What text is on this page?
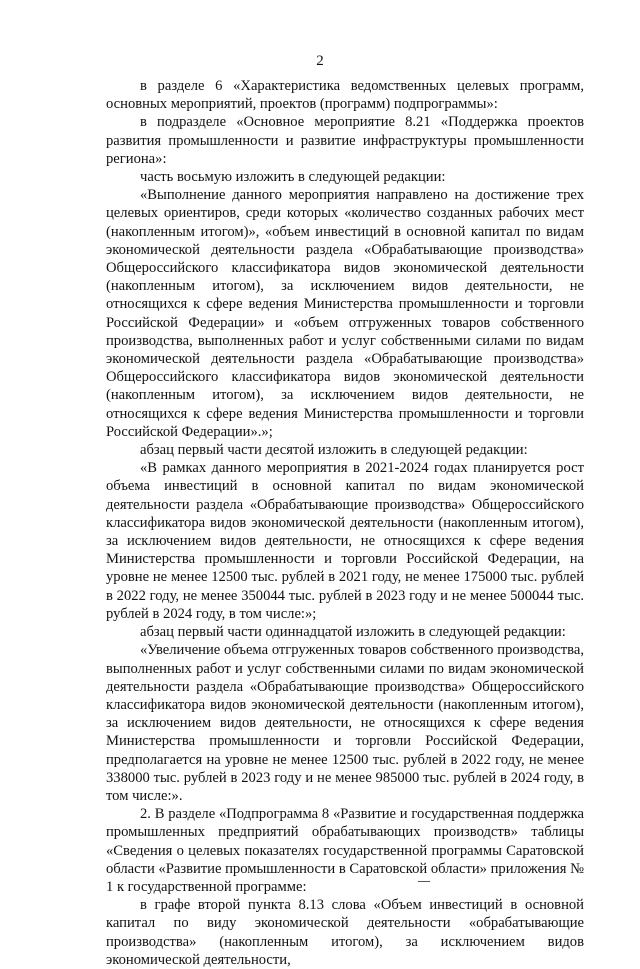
2

в разделе 6 «Характеристика ведомственных целевых программ, основных мероприятий, проектов (программ) подпрограммы»:

в подразделе «Основное мероприятие 8.21 «Поддержка проектов развития промышленности и развитие инфраструктуры промышленности региона»:

часть восьмую изложить в следующей редакции:

«Выполнение данного мероприятия направлено на достижение трех целевых ориентиров, среди которых «количество созданных рабочих мест (накопленным итогом)», «объем инвестиций в основной капитал по видам экономической деятельности раздела «Обрабатывающие производства» Общероссийского классификатора видов экономической деятельности (накопленным итогом), за исключением видов деятельности, не относящихся к сфере ведения Министерства промышленности и торговли Российской Федерации» и «объем отгруженных товаров собственного производства, выполненных работ и услуг собственными силами по видам экономической деятельности раздела «Обрабатывающие производства» Общероссийского классификатора видов экономической деятельности (накопленным итогом), за исключением видов деятельности, не относящихся к сфере ведения Министерства промышленности и торговли Российской Федерации».»;

абзац первый части десятой изложить в следующей редакции:

«В рамках данного мероприятия в 2021-2024 годах планируется рост объема инвестиций в основной капитал по видам экономической деятельности раздела «Обрабатывающие производства» Общероссийского классификатора видов экономической деятельности (накопленным итогом), за исключением видов деятельности, не относящихся к сфере ведения Министерства промышленности и торговли Российской Федерации, на уровне не менее 12500 тыс. рублей в 2021 году, не менее 175000 тыс. рублей в 2022 году, не менее 350044 тыс. рублей в 2023 году и не менее 500044 тыс. рублей в 2024 году, в том числе:»;

абзац первый части одиннадцатой изложить в следующей редакции:

«Увеличение объема отгруженных товаров собственного производства, выполненных работ и услуг собственными силами по видам экономической деятельности раздела «Обрабатывающие производства» Общероссийского классификатора видов экономической деятельности (накопленным итогом), за исключением видов деятельности, не относящихся к сфере ведения Министерства промышленности и торговли Российской Федерации, предполагается на уровне не менее 12500 тыс. рублей в 2022 году, не менее 338000 тыс. рублей в 2023 году и не менее 985000 тыс. рублей в 2024 году, в том числе:».

2. В разделе «Подпрограмма 8 «Развитие и государственная поддержка промышленных предприятий обрабатывающих производств» таблицы «Сведения о целевых показателях государственной программы Саратовской области «Развитие промышленности в Саратовской области» приложения № 1 к государственной программе:

в графе второй пункта 8.13 слова «Объем инвестиций в основной капитал по виду экономической деятельности «обрабатывающие производства» (накопленным итогом), за исключением видов экономической деятельности,
